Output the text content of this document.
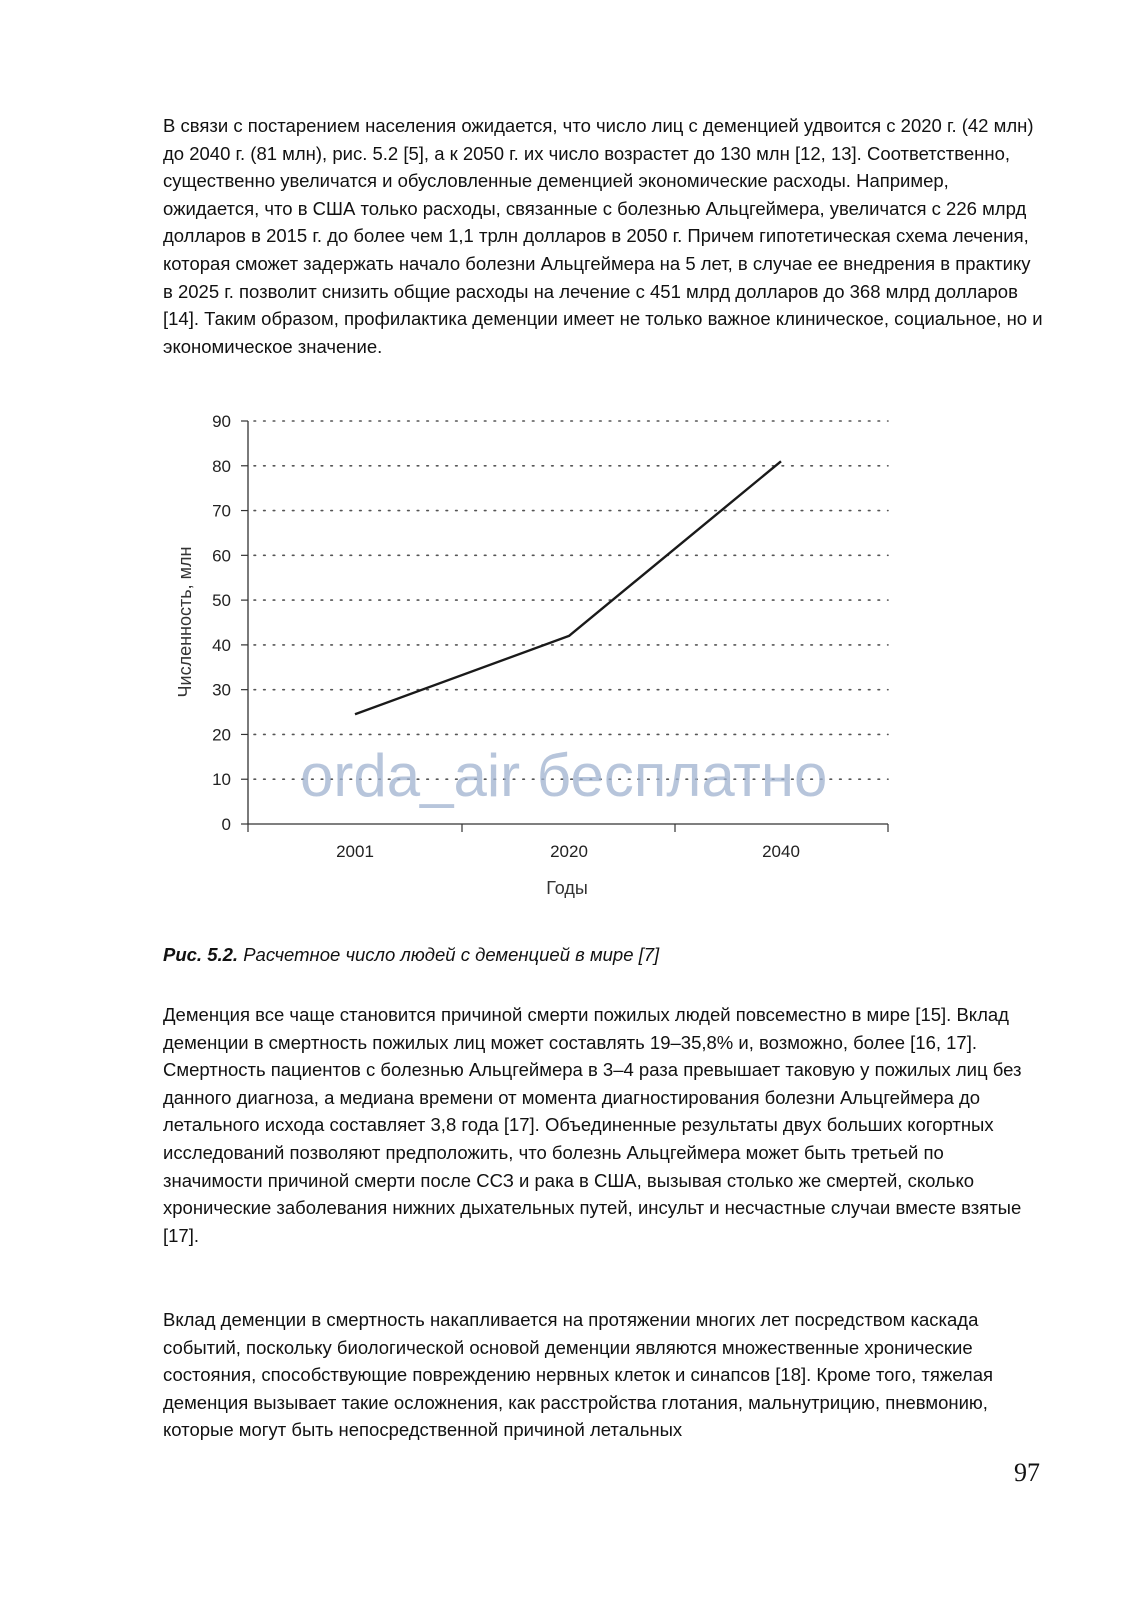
В связи с постарением населения ожидается, что число лиц с деменцией удвоится с 2020 г. (42 млн) до 2040 г. (81 млн), рис. 5.2 [5], а к 2050 г. их число возрастет до 130 млн [12, 13]. Соответственно, существенно увеличатся и обусловленные деменцией экономические расходы. Например, ожидается, что в США только расходы, связанные с болезнью Альцгеймера, увеличатся с 226 млрд долларов в 2015 г. до более чем 1,1 трлн долларов в 2050 г. Причем гипотетическая схема лечения, которая сможет задержать начало болезни Альцгеймера на 5 лет, в случае ее внедрения в практику в 2025 г. позволит снизить общие расходы на лечение с 451 млрд долларов до 368 млрд долларов [14]. Таким образом, профилактика деменции имеет не только важное клиническое, социальное, но и экономическое значение.

0
10
20
30
40
50
60
70
80
90
2001	2020	2040
orda_air бесплатно
Годы
Численность, млн

Рис. 5.2. Расчетное число людей с деменцией в мире [7]

Деменция все чаще становится причиной смерти пожилых людей повсеместно в мире [15]. Вклад деменции в смертность пожилых лиц может составлять 19–35,8% и, возможно, более [16, 17]. Смертность пациентов с болезнью Альцгеймера в 3–4 раза превышает таковую у пожилых лиц без данного диагноза, а медиана времени от момента диагностирования болезни Альцгеймера до летального исхода составляет 3,8 года [17]. Объединенные результаты двух больших когортных исследований позволяют предположить, что болезнь Альцгеймера может быть третьей по значимости причиной смерти после ССЗ и рака в США, вызывая столько же смертей, сколько хронические заболевания нижних дыхательных путей, инсульт и несчастные случаи вместе взятые [17].

Вклад деменции в смертность накапливается на протяжении многих лет посредством каскада событий, поскольку биологической основой деменции являются множественные хронические состояния, способствующие повреждению нервных клеток и синапсов [18]. Кроме того, тяжелая деменция вызывает такие осложнения, как расстройства глотания, мальнутрицию, пневмонию, которые могут быть непосредственной причиной летальных

97
